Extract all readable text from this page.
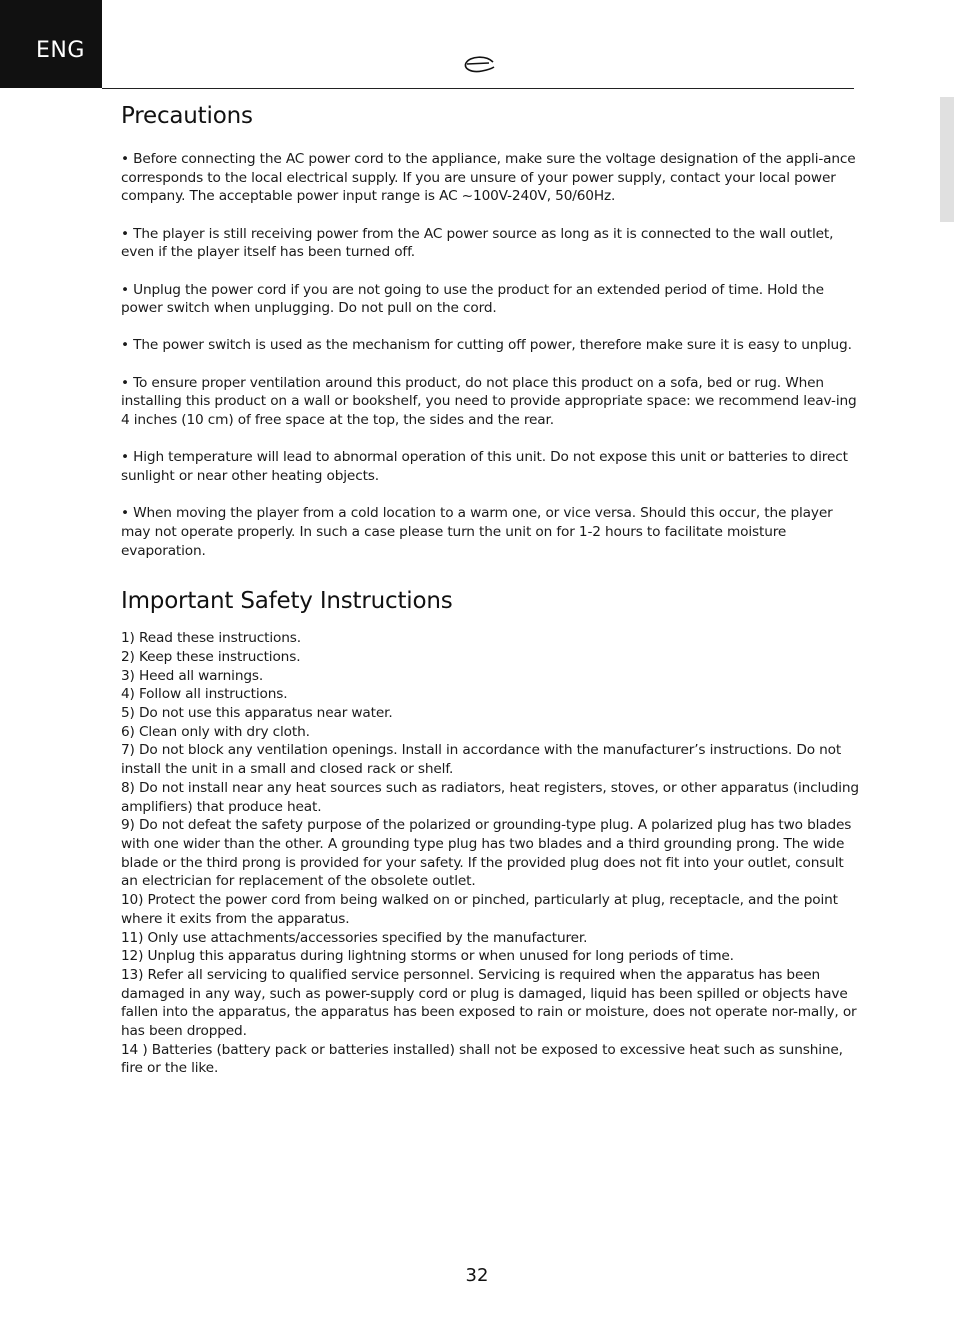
ENG
Precautions

• Before connecting the AC power cord to the appliance, make sure the voltage designation of the appli-ance corresponds to the local electrical supply. If you are unsure of your power supply, contact your local power company. The acceptable power input range is AC ~100V-240V, 50/60Hz.

• The player is still receiving power from the AC power source as long as it is connected to the wall outlet, even if the player itself has been turned off.

• Unplug the power cord if you are not going to use the product for an extended period of time. Hold the power switch when unplugging. Do not pull on the cord.

• The power switch is used as the mechanism for cutting off power, therefore make sure it is easy to unplug.

• To ensure proper ventilation around this product, do not place this product on a sofa, bed or rug. When installing this product on a wall or bookshelf, you need to provide appropriate space: we recommend leav-ing 4 inches (10 cm) of free space at the top, the sides and the rear.

• High temperature will lead to abnormal operation of this unit. Do not expose this unit or batteries to direct sunlight or near other heating objects.

• When moving the player from a cold location to a warm one, or vice versa. Should this occur, the player may not operate properly. In such a case please turn the unit on for 1-2 hours to facilitate moisture evaporation.

Important Safety Instructions

1) Read these instructions.

2) Keep these instructions.

3) Heed all warnings.

4) Follow all instructions.

5) Do not use this apparatus near water.

6) Clean only with dry cloth.

7) Do not block any ventilation openings. Install in accordance with the manufacturer’s instructions. Do not install the unit in a small and closed rack or shelf.

8) Do not install near any heat sources such as radiators, heat registers, stoves, or other apparatus (including amplifiers) that produce heat.

9) Do not defeat the safety purpose of the polarized or grounding-type plug. A polarized plug has two blades with one wider than the other. A grounding type plug has two blades and a third grounding prong. The wide blade or the third prong is provided for your safety. If the provided plug does not fit into your outlet, consult an electrician for replacement of the obsolete outlet.

10) Protect the power cord from being walked on or pinched, particularly at plug, receptacle, and the point where it exits from the apparatus.

11) Only use attachments/accessories specified by the manufacturer.

12) Unplug this apparatus during lightning storms or when unused for long periods of time.

13) Refer all servicing to qualified service personnel. Servicing is required when the apparatus has been damaged in any way, such as power-supply cord or plug is damaged, liquid has been spilled or objects have fallen into the apparatus, the apparatus has been exposed to rain or moisture, does not operate nor-mally, or has been dropped.

14 ) Batteries (battery pack or batteries installed) shall not be exposed to excessive heat such as sunshine, fire or the like.

32
